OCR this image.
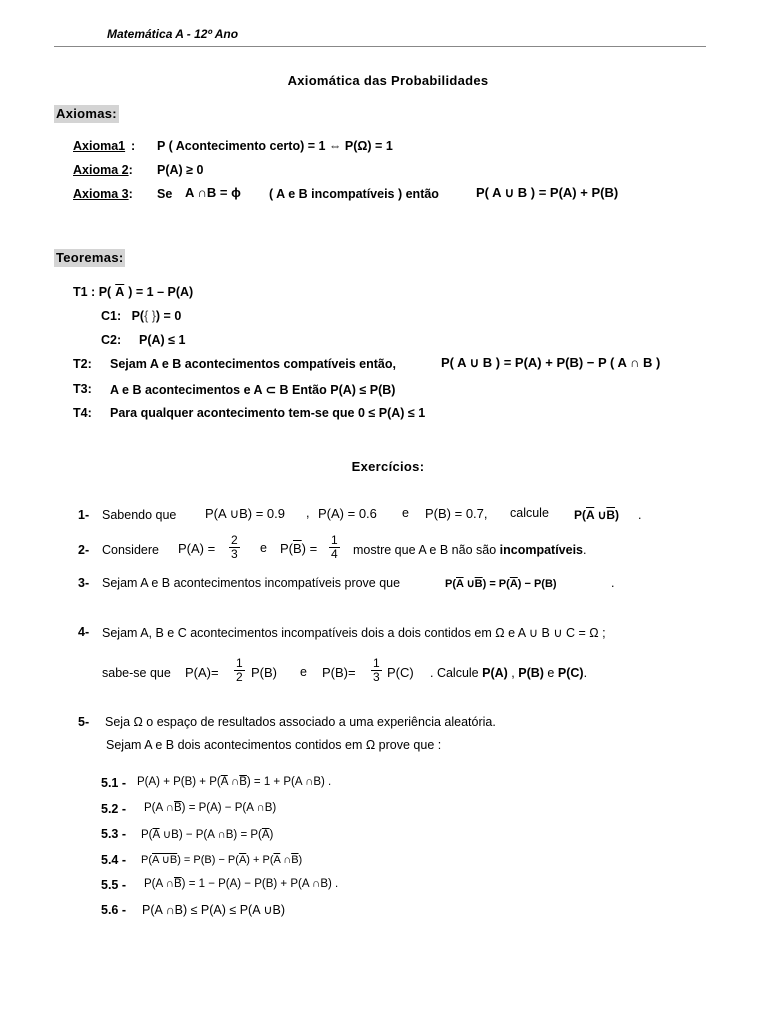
Matemática A - 12º Ano
Axiomática das Probabilidades
Axiomas:
Axioma1 : P ( Acontecimento certo) = 1 ⇔ P(Ω) = 1
Axioma 2: P(A) ≥ 0
Axioma 3: Se A ∩B = ϕ ( A e B incompatíveis ) então	P( A ∪ B ) = P(A) + P(B)
Teoremas:
T1 : P( $\overline{A}$ ) = 1 – P(A)
C1: P({ }) = 0
C2: P(A) ≤ 1
T2: Sejam A e B acontecimentos compatíveis então,	P( A ∪ B ) = P(A) + P(B) − P ( A ∩ B )
T3: A e B acontecimentos e A ⊂ B Então P(A) ≤ P(B)
T4: Para qualquer acontecimento tem-se que 0 ≤ P(A) ≤ 1
Exercícios:
1- Sabendo que P(A ∪B) = 0.9 , P(A) = 0.6 e P(B) = 0.7, calcule $P(\overline{A}$ $\cup\overline{B}$) .
2- Considere $P(A) = \frac{2}{3}$ e $P(\overline{B}) = \frac{1}{4}$ mostre que A e B não são incompatíveis.
3- Sejam A e B acontecimentos incompatíveis prove que	$P(\overline{A}$ $\cup\overline{B}) = P(\overline{A}) - P(B)$	.
4- Sejam A, B e C acontecimentos incompatíveis dois a dois contidos em Ω e A ∪ B ∪ C = Ω ;
sabe-se que $P(A)= \frac{1}{2} P(B)$ e $P(B)= \frac{1}{3} P(C)$ . Calcule P(A) , P(B) e P(C).
5- Seja Ω o espaço de resultados associado a uma experiência aleatória.
Sejam A e B dois acontecimentos contidos em Ω prove que :
$5.1 - P(A) + P(B) + P(\overline{A}$ $\cap\overline{B}) = 1 + P(A$ ∩B) .
5.2 - P(A $\cap\overline{B}) = P(A) - P(A$ ∩B)
$5.3 - P(\overline{A}$ ∪B) − P(A ∩B) = $P(\overline{A})$
5.4 - P(A ∪B) = $P(B) - P(\overline{A}) + P(\overline{A}$ $\cap\overline{B}$)
5.5 - P(A $\cap\overline{B}) = 1 - P(A) - P(B) + P(A$ ∩B) .
5.6 - P(A ∩B) ≤ P(A) ≤ P(A ∪B)
